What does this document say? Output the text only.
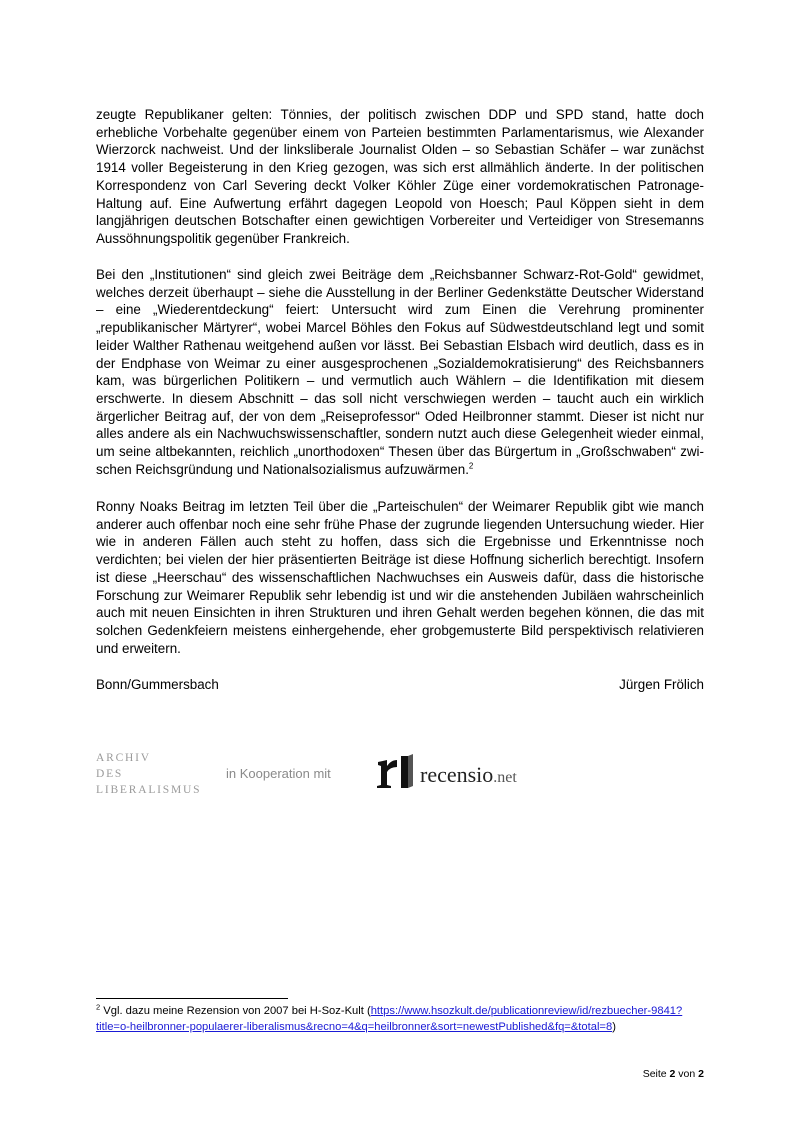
zeugte Republikaner gelten: Tönnies, der politisch zwischen DDP und SPD stand, hatte doch erhebliche Vorbehalte gegenüber einem von Parteien bestimmten Parlamentarismus, wie Alexander Wierzorck nachweist. Und der linksliberale Journalist Olden – so Sebastian Schäfer – war zunächst 1914 voller Begeisterung in den Krieg gezogen, was sich erst allmählich änderte. In der politischen Korrespondenz von Carl Severing deckt Volker Köhler Züge einer vordemokratischen Patronage-Haltung auf. Eine Aufwertung erfährt dagegen Leopold von Hoesch; Paul Köppen sieht in dem langjährigen deutschen Botschafter einen gewichtigen Vorbereiter und Verteidiger von Stresemanns Aussöhnungspolitik gegenüber Frankreich.

Bei den „Institutionen“ sind gleich zwei Beiträge dem „Reichsbanner Schwarz-Rot-Gold“ gewidmet, welches derzeit überhaupt – siehe die Ausstellung in der Berliner Gedenkstätte Deutscher Widerstand – eine „Wiederentdeckung“ feiert: Untersucht wird zum Einen die Verehrung prominenter „republikanischer Märtyrer“, wobei Marcel Böhles den Fokus auf Südwestdeutschland legt und somit leider Walther Rathenau weitgehend außen vor lässt. Bei Sebastian Elsbach wird deutlich, dass es in der Endphase von Weimar zu einer ausgesprochenen „Sozialdemokratisierung“ des Reichsbanners kam, was bürgerlichen Politikern – und vermutlich auch Wählern – die Identifikation mit diesem erschwerte. In diesem Abschnitt – das soll nicht verschwiegen werden – taucht auch ein wirklich ärgerlicher Beitrag auf, der von dem „Reiseprofessor“ Oded Heilbronner stammt. Dieser ist nicht nur alles andere als ein Nachwuchswissenschaftler, sondern nutzt auch diese Gelegenheit wieder einmal, um seine altbekannten, reichlich „unorthodoxen“ Thesen über das Bürgertum in „Großschwaben“ zwischen Reichsgründung und Nationalsozialismus aufzuwärmen.$^2$

Ronny Noaks Beitrag im letzten Teil über die „Parteischulen“ der Weimarer Republik gibt wie manch anderer auch offenbar noch eine sehr frühe Phase der zugrunde liegenden Untersuchung wieder. Hier wie in anderen Fällen auch steht zu hoffen, dass sich die Ergebnisse und Erkenntnisse noch verdichten; bei vielen der hier präsentierten Beiträge ist diese Hoffnung sicherlich berechtigt. Insofern ist diese „Heerschau“ des wissenschaftlichen Nachwuchses ein Ausweis dafür, dass die historische Forschung zur Weimarer Republik sehr lebendig ist und wir die anstehenden Jubiläen wahrscheinlich auch mit neuen Einsichten in ihren Strukturen und ihren Gehalt werden begehen können, die das mit solchen Gedenkfeiern meistens einhergehende, eher grobgemusterte Bild perspektivisch relativieren und erweitern.

Bonn/Gummersbach	Jürgen Frölich
ARCHIV
DES
LIBERALISMUS
in Kooperation mit	recensio.net
$^2$ Vgl. dazu meine Rezension von 2007 bei H-Soz-Kult (https://www.hsozkult.de/publicationreview/id/rezbuecher-9841?title=o-heilbronner-populaerer-liberalismus&recno=4&q=heilbronner&sort=newestPublished&fq=&total=8)
Seite 2 von 2
